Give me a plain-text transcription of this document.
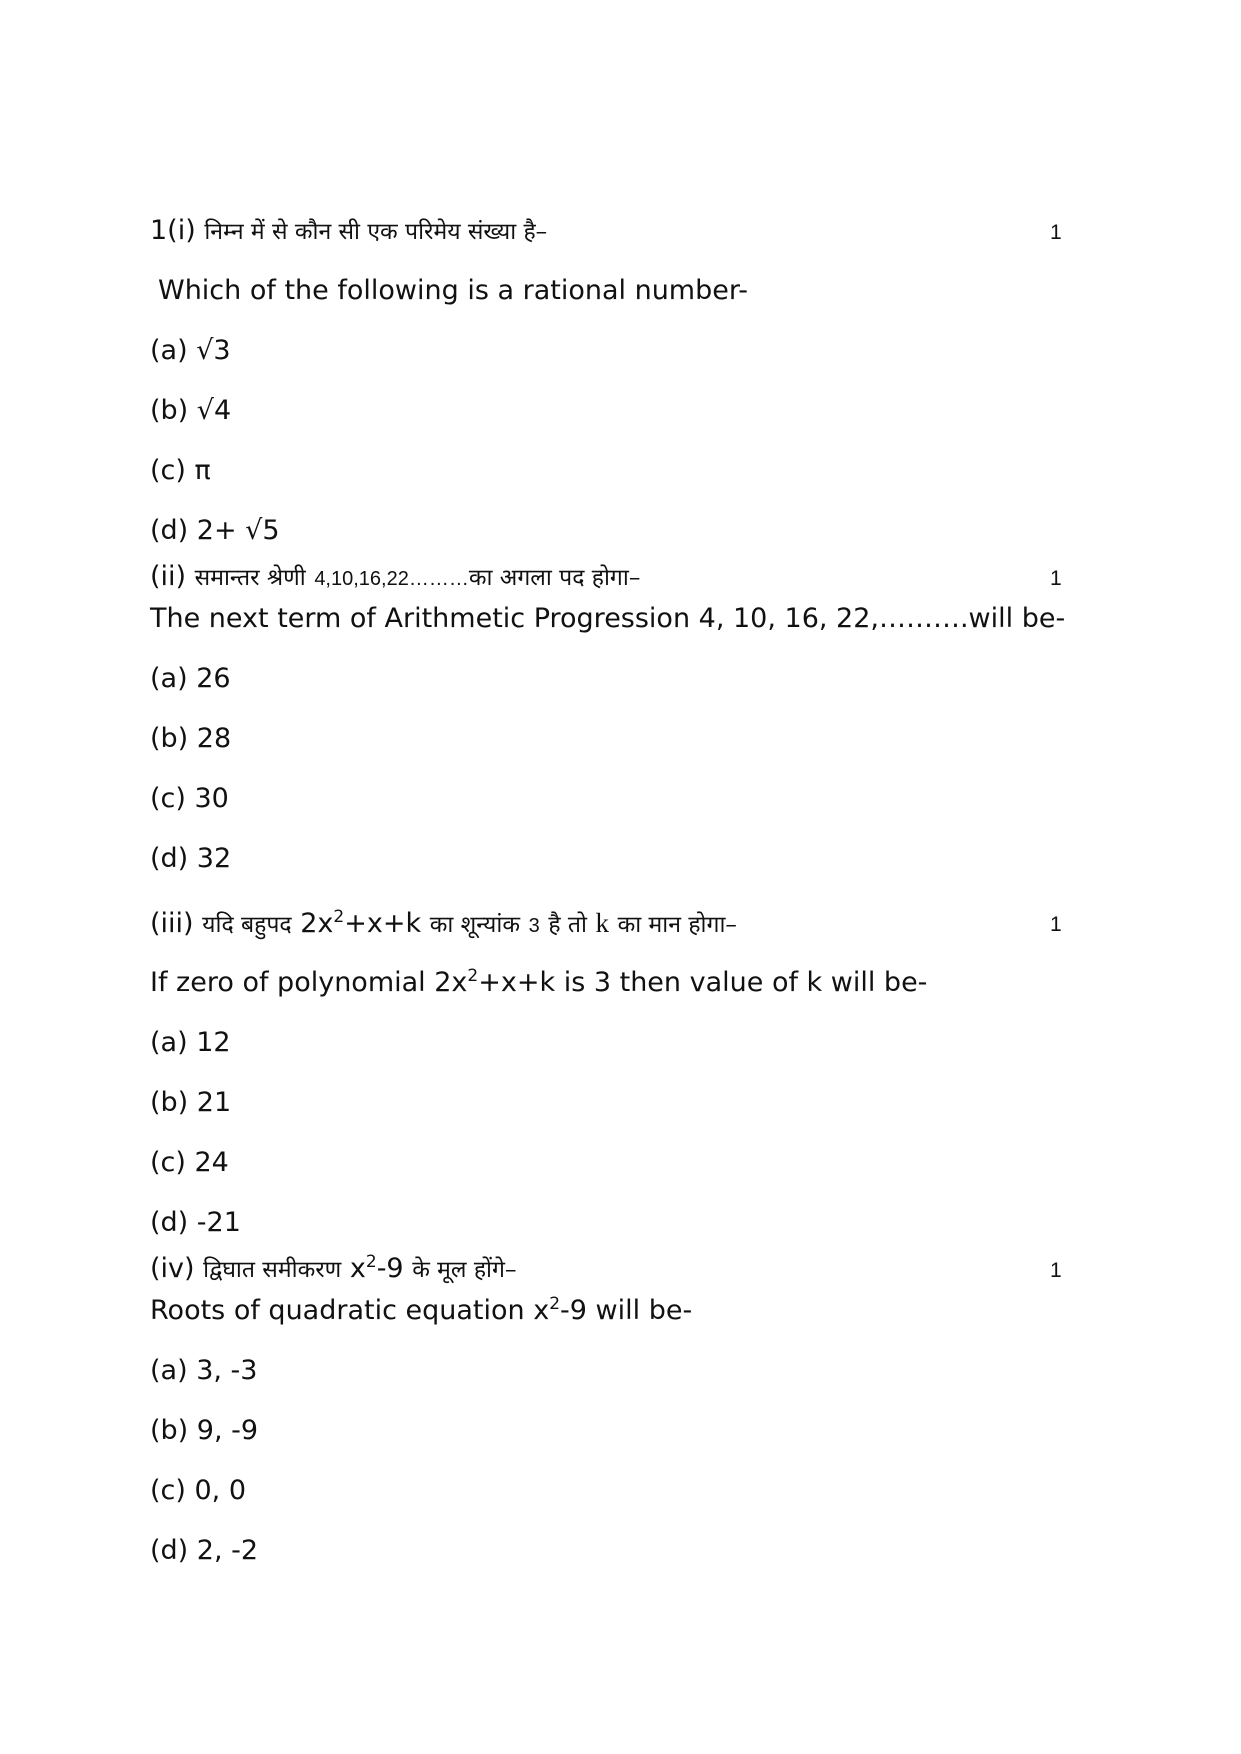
1(i) निम्न में से कौन सी एक परिमेय संख्या है–	1
Which of the following is a rational number-
(a) √3
(b) √4
(c) π
(d) 2+ √5
(ii) समान्तर श्रेणी 4,10,16,22………का अगला पद होगा–	1
The next term of Arithmetic Progression 4, 10, 16, 22,……….will be-
(a) 26
(b) 28
(c) 30
(d) 32
(iii) यदि बहुपद $2x^2+x+k$ का शून्यांक 3 है तो k का मान होगा–	1
If zero of polynomial $2x^2+x+k$ is 3 then value of k will be-
(a) 12
(b) 21
(c) 24
(d) -21
(iv) द्विघात समीकरण $x^2-9$ के मूल होंगे–	1
Roots of quadratic equation $x^2-9$ will be-
(a) 3, -3
(b) 9, -9
(c) 0, 0
(d) 2, -2
